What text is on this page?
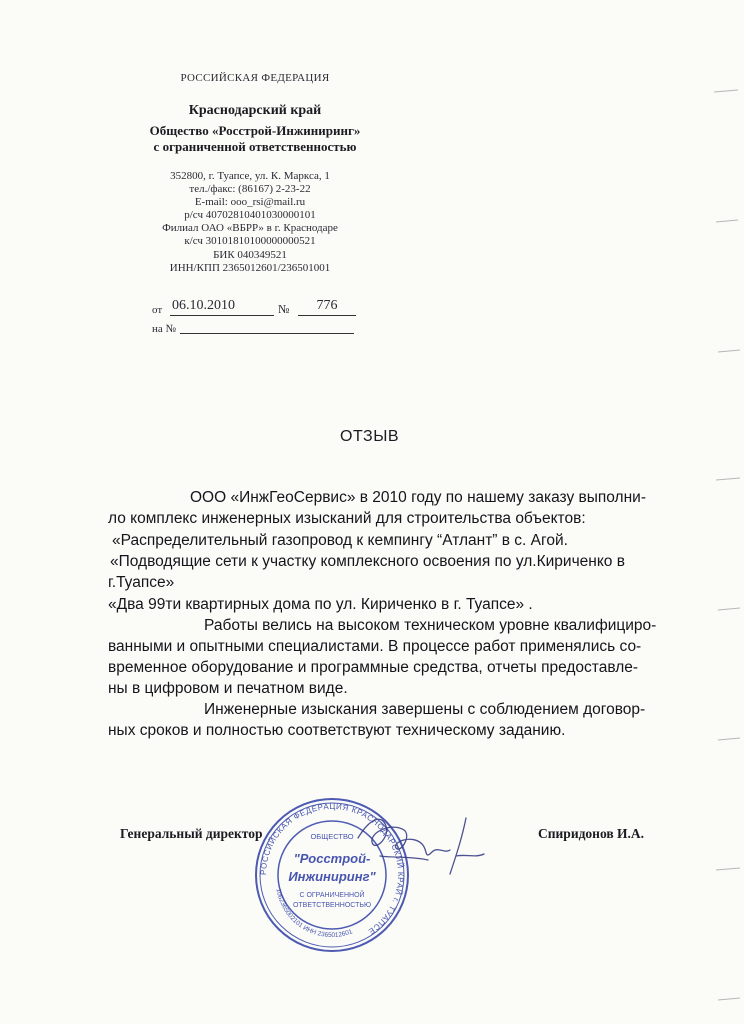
РОССИЙСКАЯ ФЕДЕРАЦИЯ
Краснодарский край
Общество «Росстрой-Инжиниринг»
с ограниченной ответственностью
352800, г. Туапсе, ул. К. Маркса, 1
тел./факс: (86167) 2-23-22
E-mail: ooo_rsi@mail.ru
р/сч 40702810401030000101
Филиал ОАО «ВБРР» в г. Краснодаре
к/сч 30101810100000000521
БИК 040349521
ИНН/КПП 2365012601/236501001
от 06.10.2010	№	776
на №
ОТЗЫВ
ООО «ИнжГеоСервис» в 2010 году по нашему заказу выполни-
ло комплекс инженерных изысканий для строительства объектов:
«Распределительный газопровод к кемпингу “Атлант” в с. Агой.
«Подводящие сети к участку комплексного освоения по ул.Кириченко в
г.Туапсе»
«Два 99ти квартирных дома по ул. Кириченко в г. Туапсе» .
Работы велись на высоком техническом уровне квалифициро-
ванными и опытными специалистами. В процессе работ применялись со-
временное оборудование и программные средства, отчеты предоставле-
ны в цифровом и печатном виде.
Инженерные изыскания завершены с соблюдением договор-
ных сроков и полностью соответствуют техническому заданию.
Генеральный директор	Спиридонов И.А.
РОССИЙСКАЯ ФЕДЕРАЦИЯ КРАСНОДАРСКИЙ КРАЙ г. ТУАПСЕ
ОБЩЕСТВО
"Росстрой-
Инжиниринг"
С ОГРАНИЧЕННОЙ
ОТВЕТСТВЕННОСТЬЮ
1062365002101 ИНН 2365012601
